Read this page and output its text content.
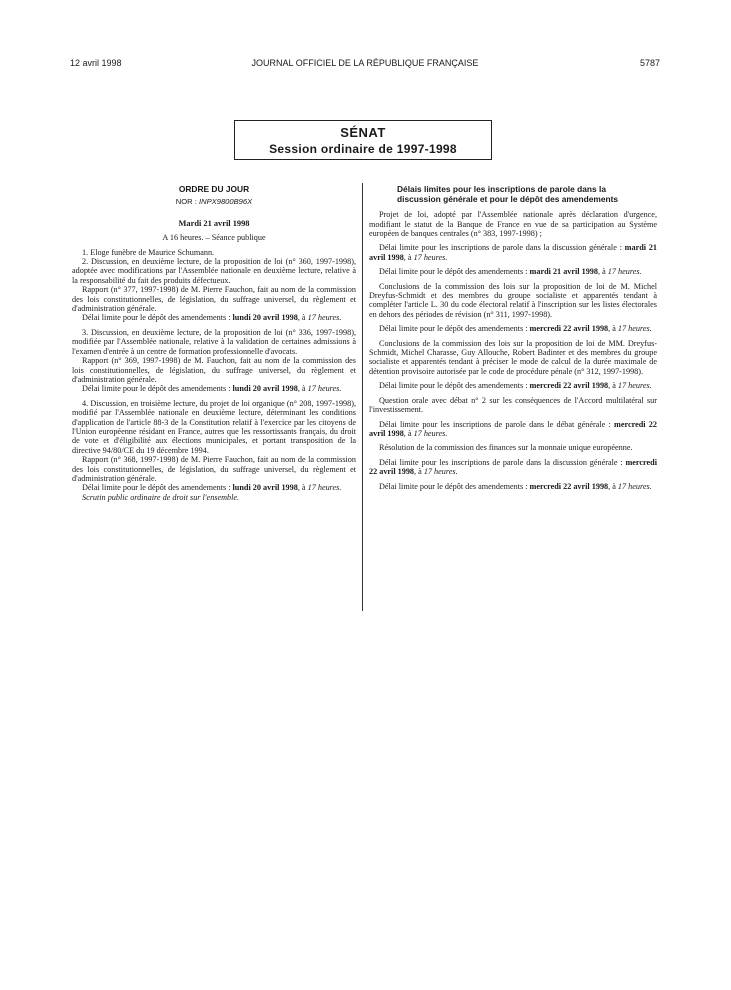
12 avril 1998	JOURNAL OFFICIEL DE LA RÉPUBLIQUE FRANÇAISE	5787
SÉNAT
Session ordinaire de 1997-1998
ORDRE DU JOUR
NOR : INPX9800B96X
Mardi 21 avril 1998
A 16 heures. – Séance publique

1. Eloge funèbre de Maurice Schumann.

2. Discussion, en deuxième lecture, de la proposition de loi (n° 360, 1997-1998), adoptée avec modifications par l'Assemblée nationale en deuxième lecture, relative à la responsabilité du fait des produits défectueux.

Rapport (n° 377, 1997-1998) de M. Pierre Fauchon, fait au nom de la commission des lois constitutionnelles, de législation, du suffrage universel, du règlement et d'administration générale.

Délai limite pour le dépôt des amendements : lundi 20 avril 1998, à 17 heures.

3. Discussion, en deuxième lecture, de la proposition de loi (n° 336, 1997-1998), modifiée par l'Assemblée nationale, relative à la validation de certaines admissions à l'examen d'entrée à un centre de formation professionnelle d'avocats.

Rapport (n° 369, 1997-1998) de M. Fauchon, fait au nom de la commission des lois constitutionnelles, de législation, du suffrage universel, du règlement et d'administration générale.

Délai limite pour le dépôt des amendements : lundi 20 avril 1998, à 17 heures.

4. Discussion, en troisième lecture, du projet de loi organique (n° 208, 1997-1998), modifié par l'Assemblée nationale en deuxième lecture, déterminant les conditions d'application de l'article 88-3 de la Constitution relatif à l'exercice par les citoyens de l'Union européenne résidant en France, autres que les ressortissants français, du droit de vote et d'éligibilité aux élections municipales, et portant transposition de la directive 94/80/CE du 19 décembre 1994.

Rapport (n° 368, 1997-1998) de M. Pierre Fauchon, fait au nom de la commission des lois constitutionnelles, de législation, du suffrage universel, du règlement et d'administration générale.

Délai limite pour le dépôt des amendements : lundi 20 avril 1998, à 17 heures.

Scrutin public ordinaire de droit sur l'ensemble.

Délais limites pour les inscriptions de parole dans la discussion générale et pour le dépôt des amendements

Projet de loi, adopté par l'Assemblée nationale après déclaration d'urgence, modifiant le statut de la Banque de France en vue de sa participation au Système européen de banques centrales (n° 383, 1997-1998) ;

Délai limite pour les inscriptions de parole dans la discussion générale : mardi 21 avril 1998, à 17 heures.

Délai limite pour le dépôt des amendements : mardi 21 avril 1998, à 17 heures.

Conclusions de la commission des lois sur la proposition de loi de M. Michel Dreyfus-Schmidt et des membres du groupe socialiste et apparentés tendant à compléter l'article L. 30 du code électoral relatif à l'inscription sur les listes électorales en dehors des périodes de révision (n° 311, 1997-1998).

Délai limite pour le dépôt des amendements : mercredi 22 avril 1998, à 17 heures.

Conclusions de la commission des lois sur la proposition de loi de MM. Dreyfus-Schmidt, Michel Charasse, Guy Allouche, Robert Badinter et des membres du groupe socialiste et apparentés tendant à préciser le mode de calcul de la durée maximale de détention provisoire autorisée par le code de procédure pénale (n° 312, 1997-1998).

Délai limite pour le dépôt des amendements : mercredi 22 avril 1998, à 17 heures.

Question orale avec débat n° 2 sur les conséquences de l'Accord multilatéral sur l'investissement.

Délai limite pour les inscriptions de parole dans le débat générale : mercredi 22 avril 1998, à 17 heures.

Résolution de la commission des finances sur la monnaie unique européenne.

Délai limite pour les inscriptions de parole dans la discussion générale : mercredi 22 avril 1998, à 17 heures.

Délai limite pour le dépôt des amendements : mercredi 22 avril 1998, à 17 heures.
